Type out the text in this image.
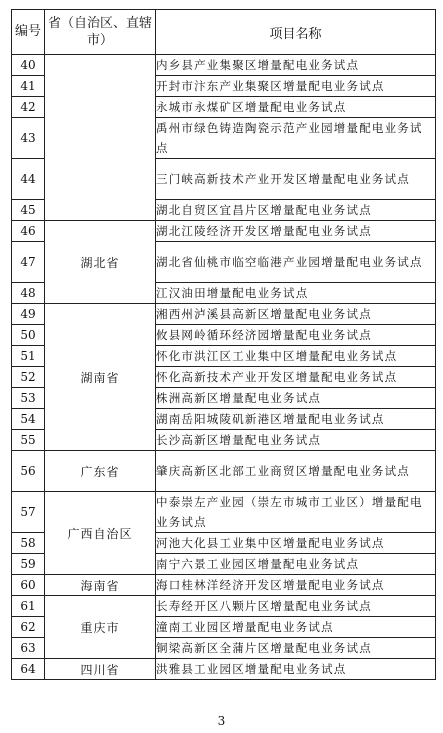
编号	省（自治区、直辖市）	项目名称
40		内乡县产业集聚区增量配电业务试点
41		开封市汴东产业集聚区增量配电业务试点
42		永城市永煤矿区增量配电业务试点
43		禹州市绿色铸造陶瓷示范产业园增量配电业务试点
44		三门峡高新技术产业开发区增量配电业务试点
45		湖北自贸区宜昌片区增量配电业务试点
46	湖北省	湖北江陵经济开发区增量配电业务试点
47		湖北省仙桃市临空临港产业园增量配电业务试点
48		江汉油田增量配电业务试点
49	湖南省	湘西州泸溪县高新区增量配电业务试点
50		攸县网岭循环经济园增量配电业务试点
51		怀化市洪江区工业集中区增量配电业务试点
52		怀化高新技术产业开发区增量配电业务试点
53		株洲高新区增量配电业务试点
54		湖南岳阳城陵矶新港区增量配电业务试点
55		长沙高新区增量配电业务试点
56	广东省	肇庆高新区北部工业商贸区增量配电业务试点
57	广西自治区	中泰崇左产业园（崇左市城市工业区）增量配电业务试点
58		河池大化县工业集中区增量配电业务试点
59		南宁六景工业园区增量配电业务试点
60	海南省	海口桂林洋经济开发区增量配电业务试点
61	重庆市	长寿经开区八颗片区增量配电业务试点
62		潼南工业园区增量配电业务试点
63		铜梁高新区全蒲片区增量配电业务试点
64	四川省	洪雅县工业园区增量配电业务试点
3
